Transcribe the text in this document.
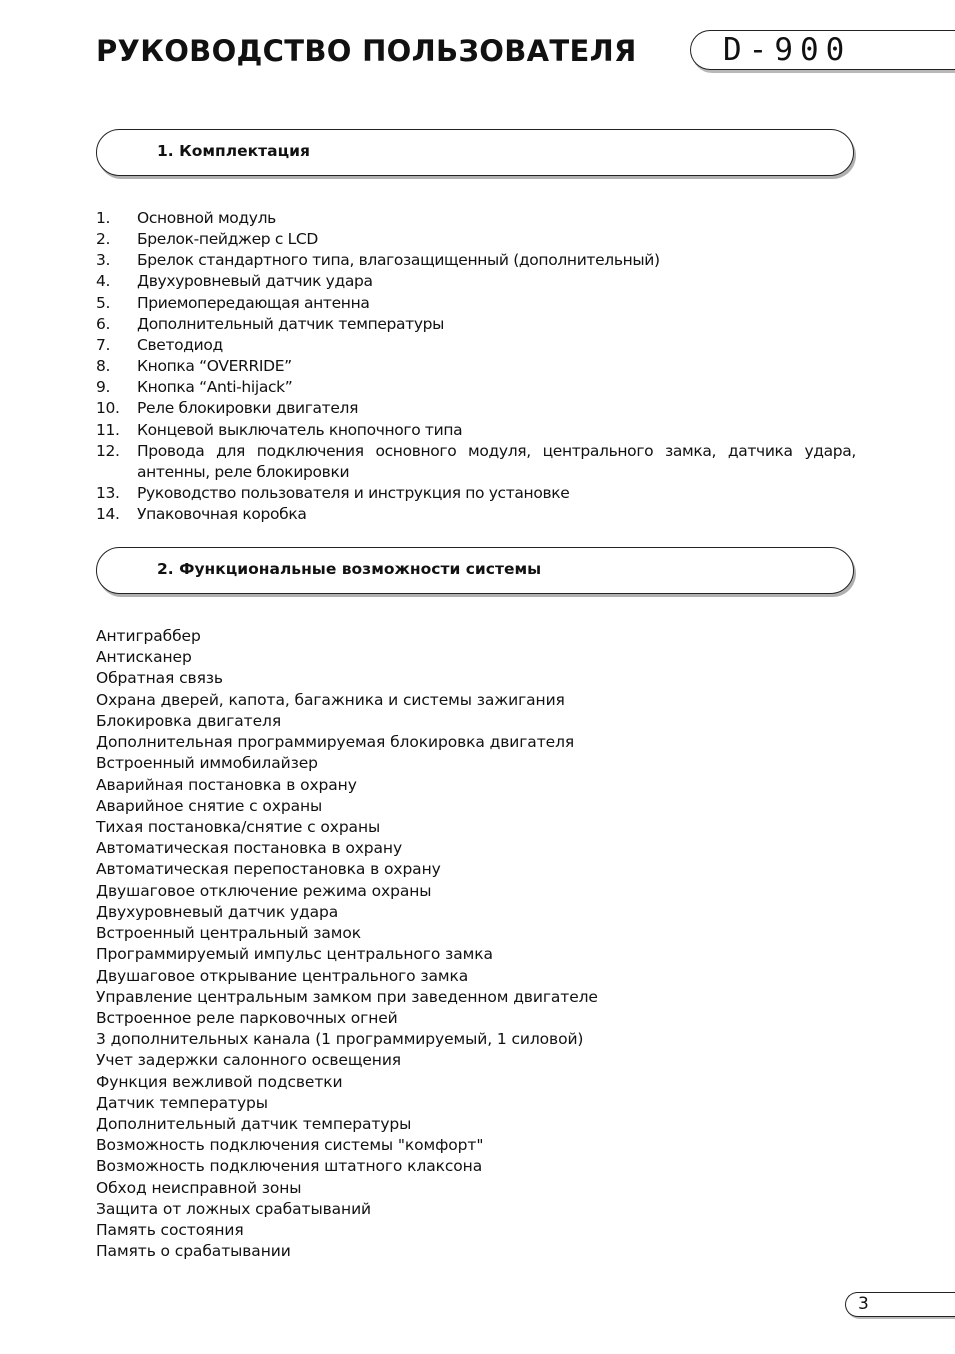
РУКОВОДСТВО ПОЛЬЗОВАТЕЛЯ	D-900
1. Комплектация
1.	Основной модуль
2.	Брелок-пейджер с LCD
3.	Брелок стандартного типа, влагозащищенный (дополнительный)
4.	Двухуровневый датчик удара
5.	Приемопередающая антенна
6.	Дополнительный датчик температуры
7.	Светодиод
8.	Кнопка “OVERRIDE”
9.	Кнопка “Anti-hijack”
10.	Реле блокировки двигателя
11.	Концевой выключатель кнопочного типа
12.	Провода для подключения основного модуля, центрального замка, датчика удара, антенны, реле блокировки
13.	Руководство пользователя и инструкция по установке
14.	Упаковочная коробка
2. Функциональные возможности системы
Антиграббер
Антисканер
Обратная связь
Охрана дверей, капота, багажника и системы зажигания
Блокировка двигателя
Дополнительная программируемая блокировка двигателя
Встроенный иммобилайзер
Аварийная постановка в охрану
Аварийное снятие с охраны
Тихая постановка/снятие с охраны
Автоматическая постановка в охрану
Автоматическая перепостановка в охрану
Двушаговое отключение режима охраны
Двухуровневый датчик удара
Встроенный центральный замок
Программируемый импульс центрального замка
Двушаговое открывание центрального замка
Управление центральным замком при заведенном двигателе
Встроенное реле парковочных огней
3 дополнительных канала (1 программируемый, 1 силовой)
Учет задержки салонного освещения
Функция вежливой подсветки
Датчик температуры
Дополнительный датчик температуры
Возможность подключения системы "комфорт"
Возможность подключения штатного клаксона
Обход неисправной зоны
Защита от ложных срабатываний
Память состояния
Память о срабатывании
3
